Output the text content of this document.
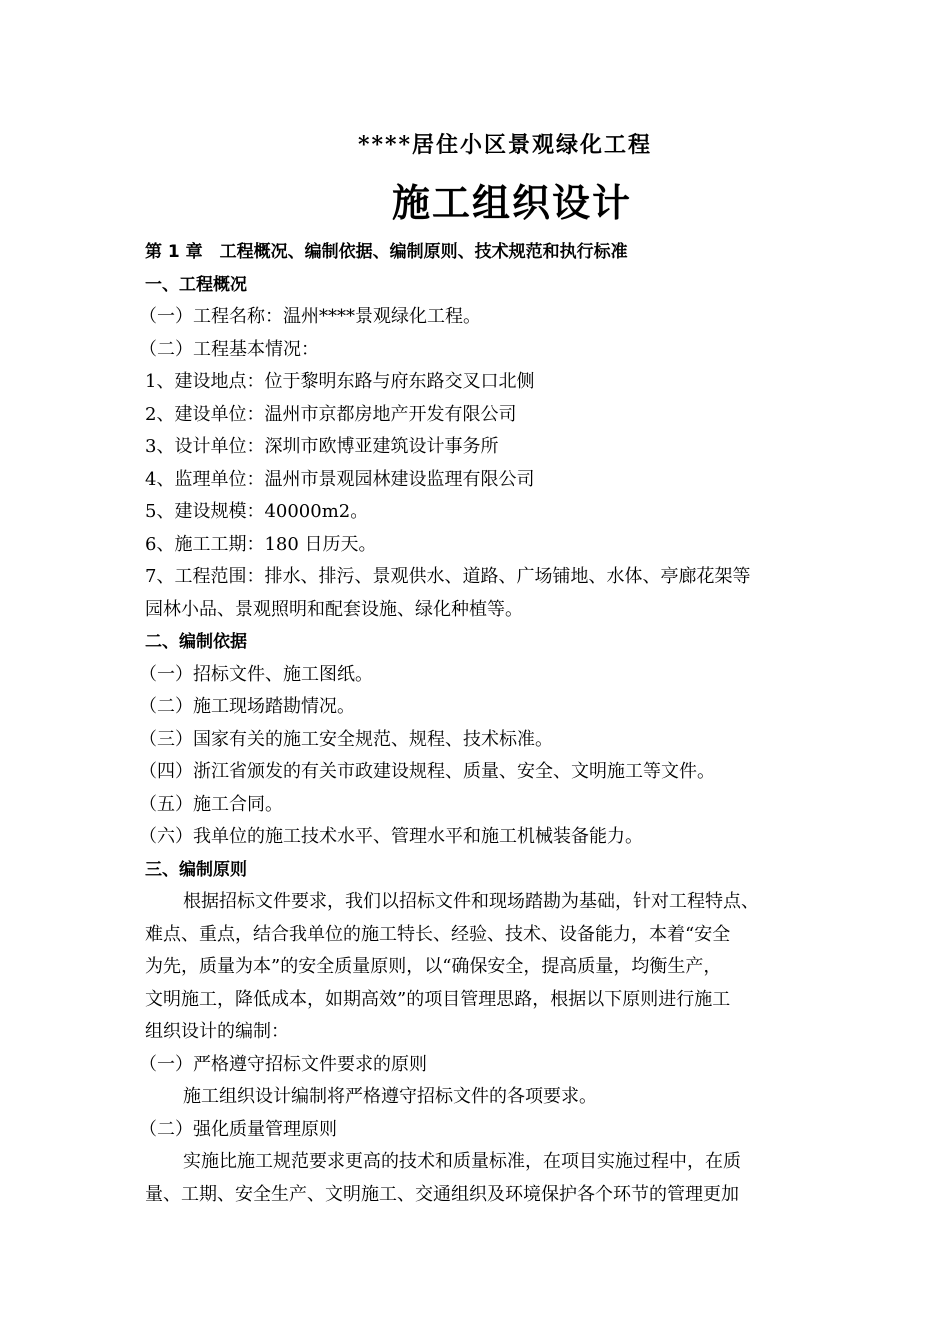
****居住小区景观绿化工程
施工组织设计
第 1 章　工程概况、编制依据、编制原则、技术规范和执行标准
一、工程概况
（一）工程名称：温州****景观绿化工程。
（二）工程基本情况：
1、建设地点：位于黎明东路与府东路交叉口北侧
2、建设单位：温州市京都房地产开发有限公司
3、设计单位：深圳市欧博亚建筑设计事务所
4、监理单位：温州市景观园林建设监理有限公司
5、建设规模：40000m2。
6、施工工期：180 日历天。
7、工程范围：排水、排污、景观供水、道路、广场铺地、水体、亭廊花架等
园林小品、景观照明和配套设施、绿化种植等。
二、编制依据
（一）招标文件、施工图纸。
（二）施工现场踏勘情况。
（三）国家有关的施工安全规范、规程、技术标准。
（四）浙江省颁发的有关市政建设规程、质量、安全、文明施工等文件。
（五）施工合同。
（六）我单位的施工技术水平、管理水平和施工机械装备能力。
三、编制原则
根据招标文件要求，我们以招标文件和现场踏勘为基础，针对工程特点、
难点、重点，结合我单位的施工特长、经验、技术、设备能力，本着“安全
为先，质量为本”的安全质量原则，以“确保安全，提高质量，均衡生产，
文明施工，降低成本，如期高效”的项目管理思路，根据以下原则进行施工
组织设计的编制：
（一）严格遵守招标文件要求的原则
施工组织设计编制将严格遵守招标文件的各项要求。
（二）强化质量管理原则
实施比施工规范要求更高的技术和质量标准，在项目实施过程中，在质
量、工期、安全生产、文明施工、交通组织及环境保护各个环节的管理更加
